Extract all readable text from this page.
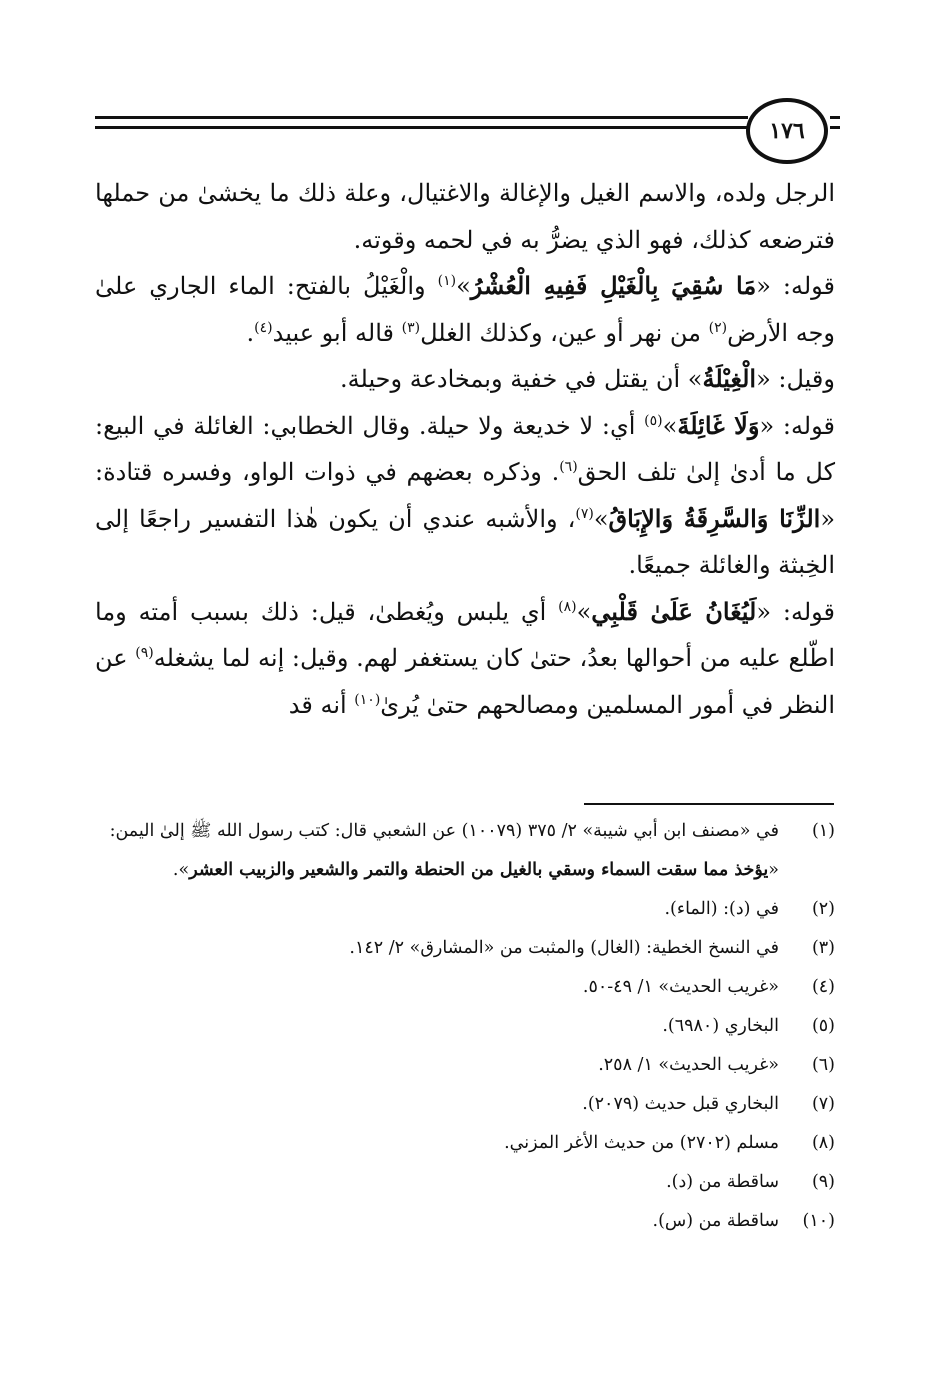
١٧٦

الرجل ولده، والاسم الغيل والإغالة والاغتيال، وعلة ذلك ما يخشىٰ من حملها فترضعه كذلك، فهو الذي يضرُّ به في لحمه وقوته.

قوله: «مَا سُقِيَ بِالْغَيْلِ فَفِيهِ الْعُشْرُ»$^{(١)}$ والْغَيْلُ بالفتح: الماء الجاري علىٰ وجه الأرض$^{(٢)}$ من نهر أو عين، وكذلك الغلل$^{(٣)}$ قاله أبو عبيد$^{(٤)}$.

وقيل: «الْغِيْلَةُ» أن يقتل في خفية وبمخادعة وحيلة.

قوله: «وَلَا غَائِلَةَ»$^{(٥)}$ أي: لا خديعة ولا حيلة. وقال الخطابي: الغائلة في البيع: كل ما أدىٰ إلىٰ تلف الحق$^{(٦)}$. وذكره بعضهم في ذوات الواو، وفسره قتادة: «الزِّنَا وَالسَّرِقَةُ وَالإِبَاقُ»$^{(٧)}$، والأشبه عندي أن يكون هٰذا التفسير راجعًا إلى الخِبثة والغائلة جميعًا.

قوله: «لَيُغَانُ عَلَىٰ قَلْبِي»$^{(٨)}$ أي يلبس ويُغطىٰ، قيل: ذلك بسبب أمته وما اطّلع عليه من أحوالها بعدُ، حتىٰ كان يستغفر لهم. وقيل: إنه لما يشغله$^{(٩)}$ عن النظر في أمور المسلمين ومصالحهم حتىٰ يُرىٰ$^{(١٠)}$ أنه قد

(١)
في «مصنف ابن أبي شيبة» ٢/ ٣٧٥ (١٠٠٧٩) عن الشعبي قال: كتب رسول الله ﷺ إلىٰ اليمن: «يؤخذ مما سقت السماء وسقي بالغيل من الحنطة والتمر والشعير والزبيب العشر».
(٢)
في (د): (الماء).
(٣)
في النسخ الخطية: (الغال) والمثبت من «المشارق» ٢/ ١٤٢.
(٤)
«غريب الحديث» ١/ ٤٩-٥٠.
(٥)
البخاري (٦٩٨٠).
(٦)
«غريب الحديث» ١/ ٢٥٨.
(٧)
البخاري قبل حديث (٢٠٧٩).
(٨)
مسلم (٢٧٠٢) من حديث الأغر المزني.
(٩)
ساقطة من (د).
(١٠)
ساقطة من (س).
